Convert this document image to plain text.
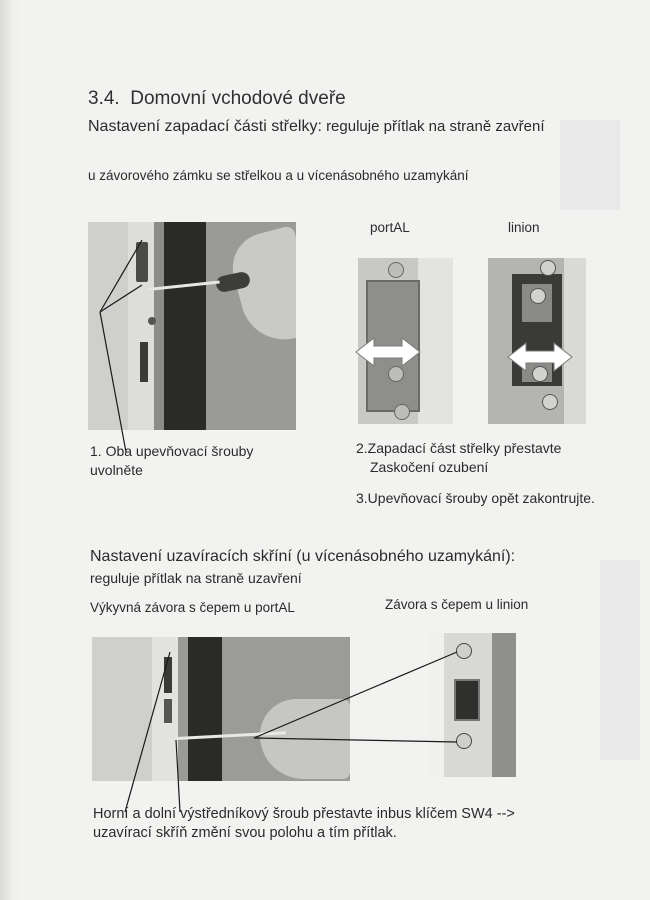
3.4. Domovní vchodové dveře
Nastavení zapadací části střelky: reguluje přítlak na straně zavření
u závorového zámku se střelkou a u vícenásobného uzamykání
portAL	linion
1. Oba upevňovací šrouby uvolněte
2.Zapadací část střelky přestavte
Zaskočení ozubení
3.Upevňovací šrouby opět zakontrujte.
Nastavení uzavíracích skříní (u vícenásobného uzamykání):
reguluje přítlak na straně uzavření
Výkyvná závora s čepem u portAL	Závora s čepem u linion
Horní a dolní výstředníkový šroub přestavte inbus klíčem SW4 -->
uzavírací skříň změní svou polohu a tím přítlak.
